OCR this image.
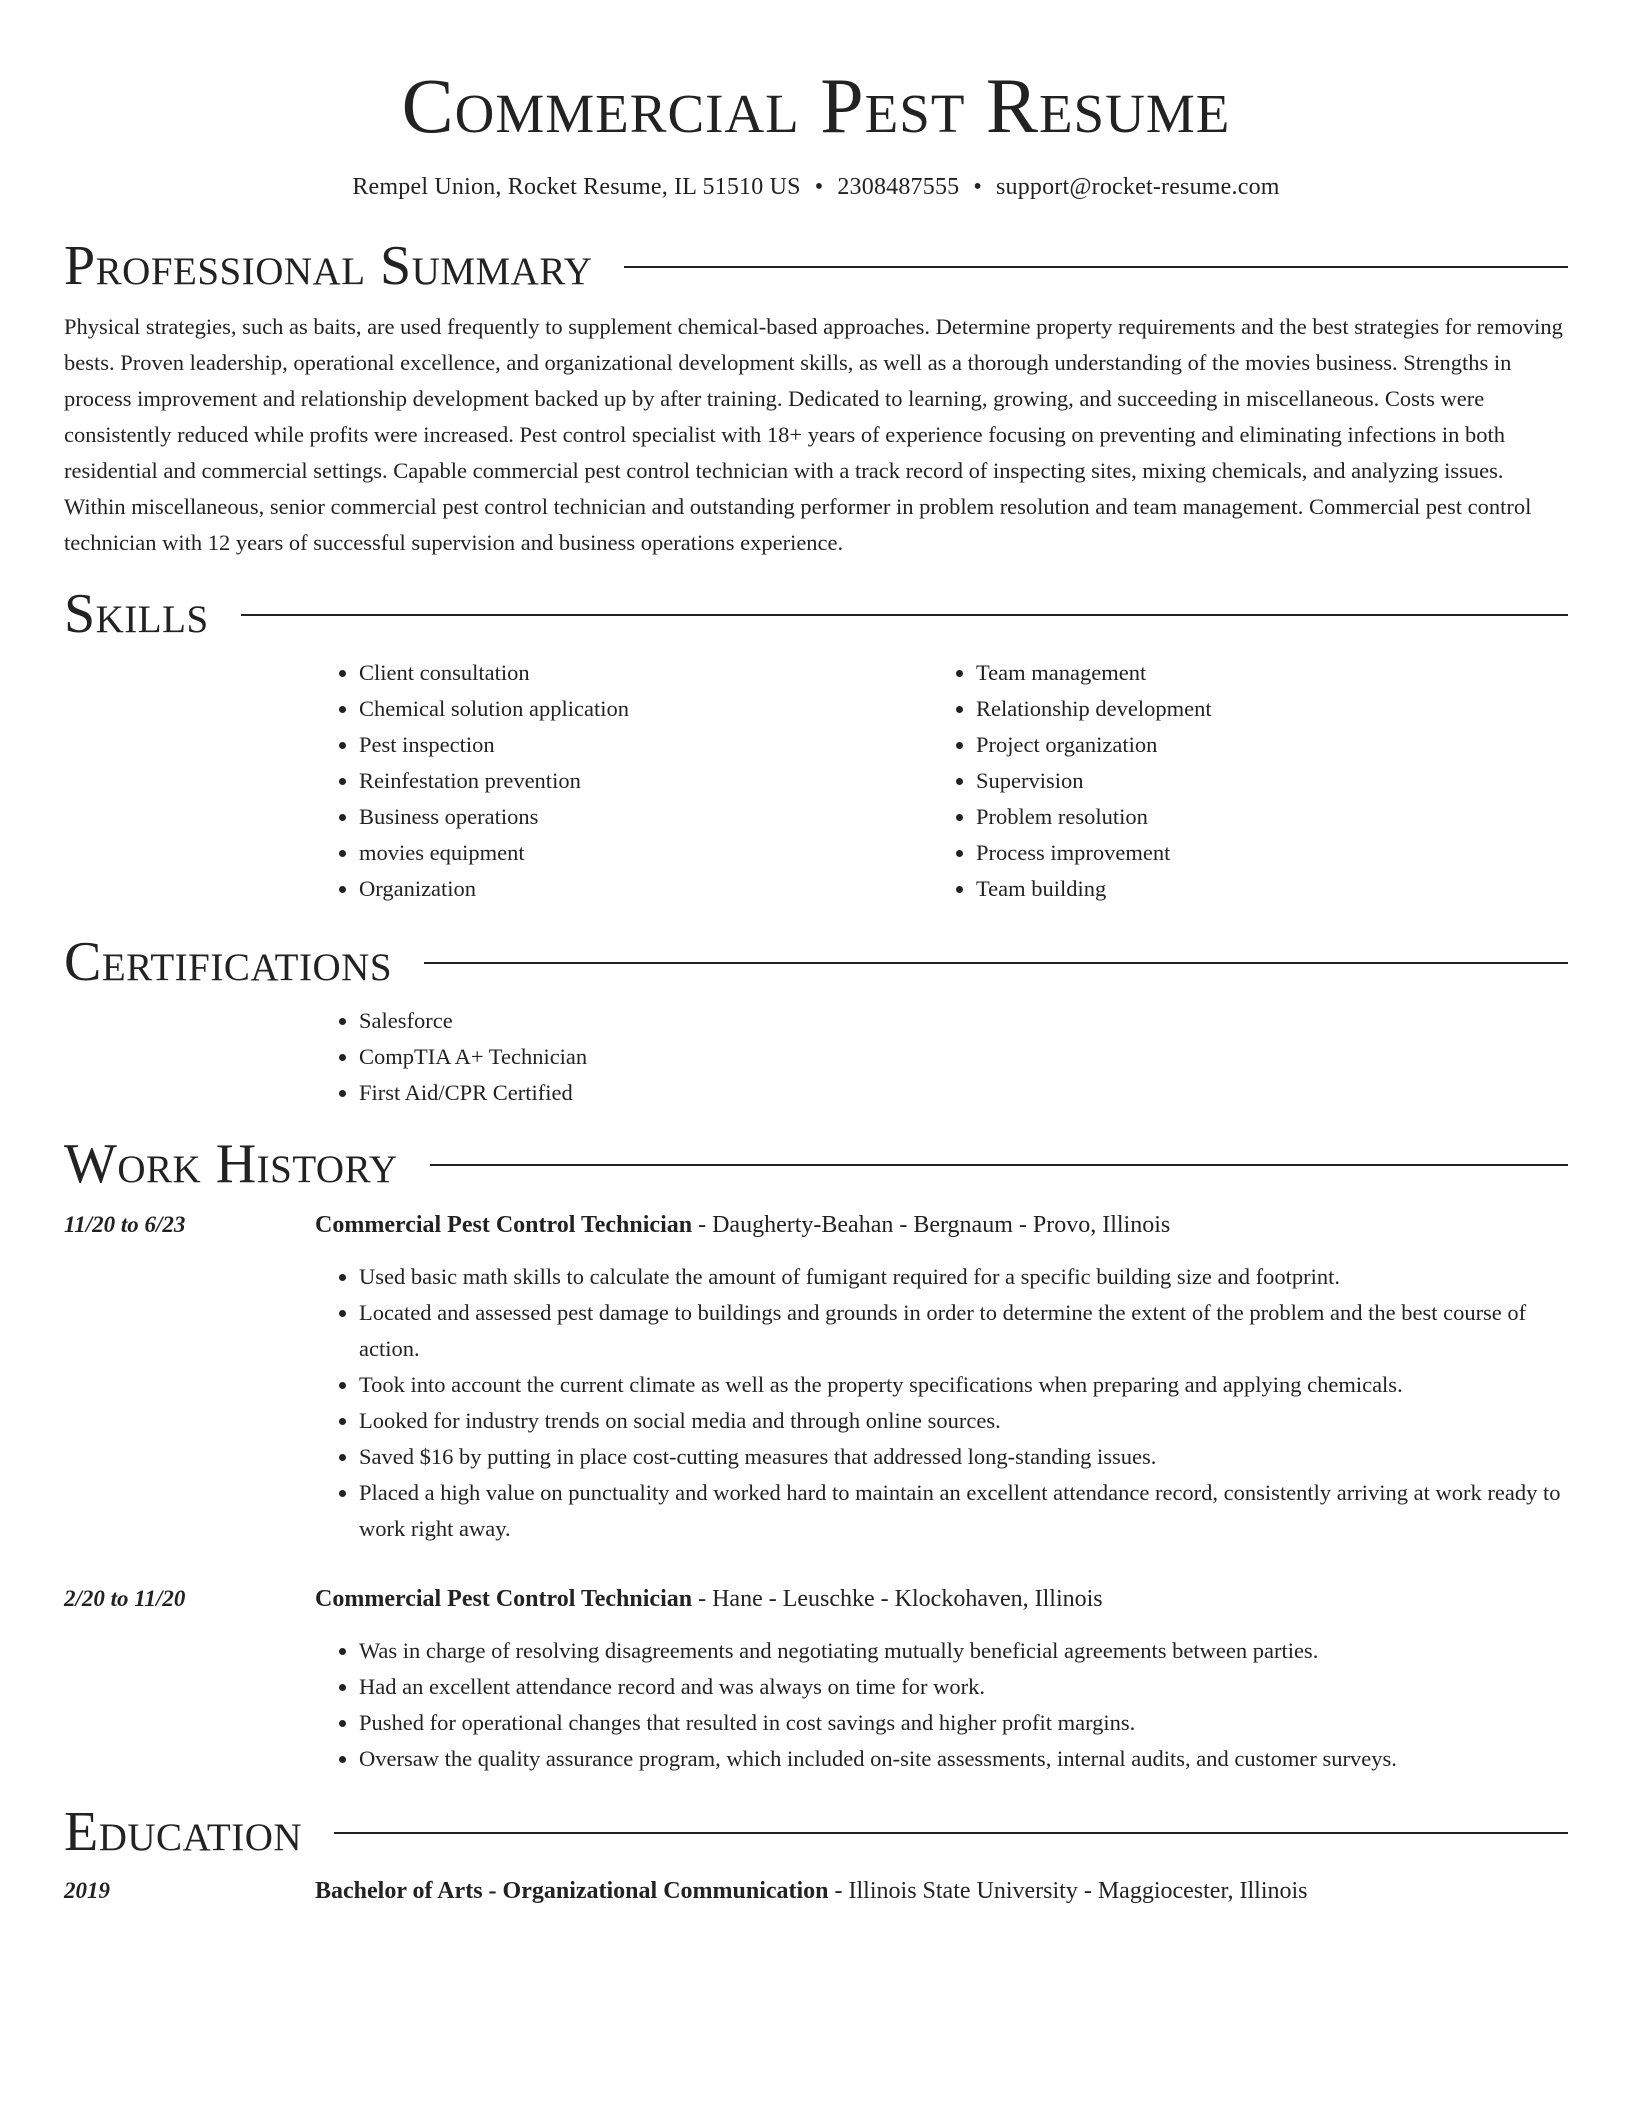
Commercial Pest Resume
Rempel Union, Rocket Resume, IL 51510 US • 2308487555 • support@rocket-resume.com
Professional Summary

Physical strategies, such as baits, are used frequently to supplement chemical-based approaches. Determine property requirements and the best strategies for removing bests. Proven leadership, operational excellence, and organizational development skills, as well as a thorough understanding of the movies business. Strengths in process improvement and relationship development backed up by after training. Dedicated to learning, growing, and succeeding in miscellaneous. Costs were consistently reduced while profits were increased. Pest control specialist with 18+ years of experience focusing on preventing and eliminating infections in both residential and commercial settings. Capable commercial pest control technician with a track record of inspecting sites, mixing chemicals, and analyzing issues. Within miscellaneous, senior commercial pest control technician and outstanding performer in problem resolution and team management. Commercial pest control technician with 12 years of successful supervision and business operations experience.

Skills
• Client consultation
• Chemical solution application
• Pest inspection
• Reinfestation prevention
• Business operations
• movies equipment
• Organization
• Team management
• Relationship development
• Project organization
• Supervision
• Problem resolution
• Process improvement
• Team building
Certifications
• Salesforce
• CompTIA A+ Technician
• First Aid/CPR Certified
Work History
11/20 to 6/23	Commercial Pest Control Technician - Daugherty-Beahan - Bergnaum - Provo, Illinois
• Used basic math skills to calculate the amount of fumigant required for a specific building size and footprint.
• Located and assessed pest damage to buildings and grounds in order to determine the extent of the problem and the best course of action.
• Took into account the current climate as well as the property specifications when preparing and applying chemicals.
• Looked for industry trends on social media and through online sources.
• Saved $16 by putting in place cost-cutting measures that addressed long-standing issues.
• Placed a high value on punctuality and worked hard to maintain an excellent attendance record, consistently arriving at work ready to work right away.
2/20 to 11/20	Commercial Pest Control Technician - Hane - Leuschke - Klockohaven, Illinois
• Was in charge of resolving disagreements and negotiating mutually beneficial agreements between parties.
• Had an excellent attendance record and was always on time for work.
• Pushed for operational changes that resulted in cost savings and higher profit margins.
• Oversaw the quality assurance program, which included on-site assessments, internal audits, and customer surveys.
Education
2019	Bachelor of Arts - Organizational Communication - Illinois State University - Maggiocester, Illinois
